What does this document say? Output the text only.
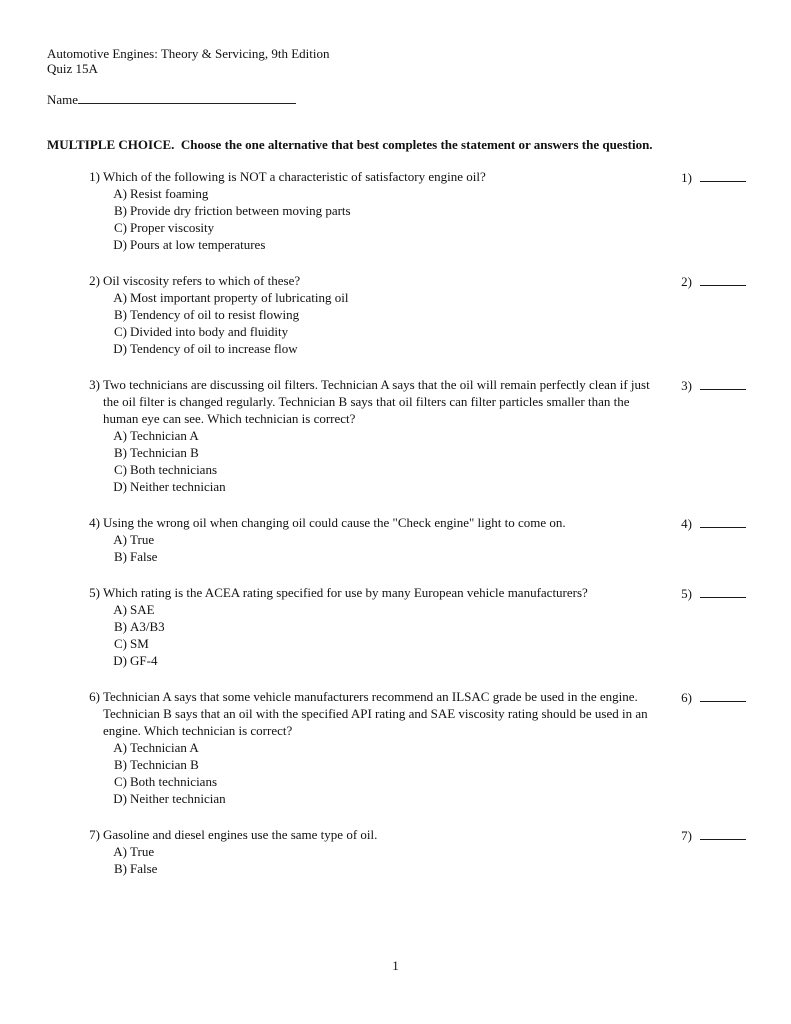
Automotive Engines: Theory & Servicing, 9th Edition
Quiz 15A
Name
MULTIPLE CHOICE.  Choose the one alternative that best completes the statement or answers the question.
1) Which of the following is NOT a characteristic of satisfactory engine oil?
A) Resist foaming
B) Provide dry friction between moving parts
C) Proper viscosity
D) Pours at low temperatures
1)
2) Oil viscosity refers to which of these?
A) Most important property of lubricating oil
B) Tendency of oil to resist flowing
C) Divided into body and fluidity
D) Tendency of oil to increase flow
2)
3) Two technicians are discussing oil filters. Technician A says that the oil will remain perfectly clean if just the oil filter is changed regularly. Technician B says that oil filters can filter particles smaller than the human eye can see. Which technician is correct?
A) Technician A
B) Technician B
C) Both technicians
D) Neither technician
3)
4) Using the wrong oil when changing oil could cause the "Check engine" light to come on.
A) True
B) False
4)
5) Which rating is the ACEA rating specified for use by many European vehicle manufacturers?
A) SAE
B) A3/B3
C) SM
D) GF-4
5)
6) Technician A says that some vehicle manufacturers recommend an ILSAC grade be used in the engine. Technician B says that an oil with the specified API rating and SAE viscosity rating should be used in an engine. Which technician is correct?
A) Technician A
B) Technician B
C) Both technicians
D) Neither technician
6)
7) Gasoline and diesel engines use the same type of oil.
A) True
B) False
7)
1
